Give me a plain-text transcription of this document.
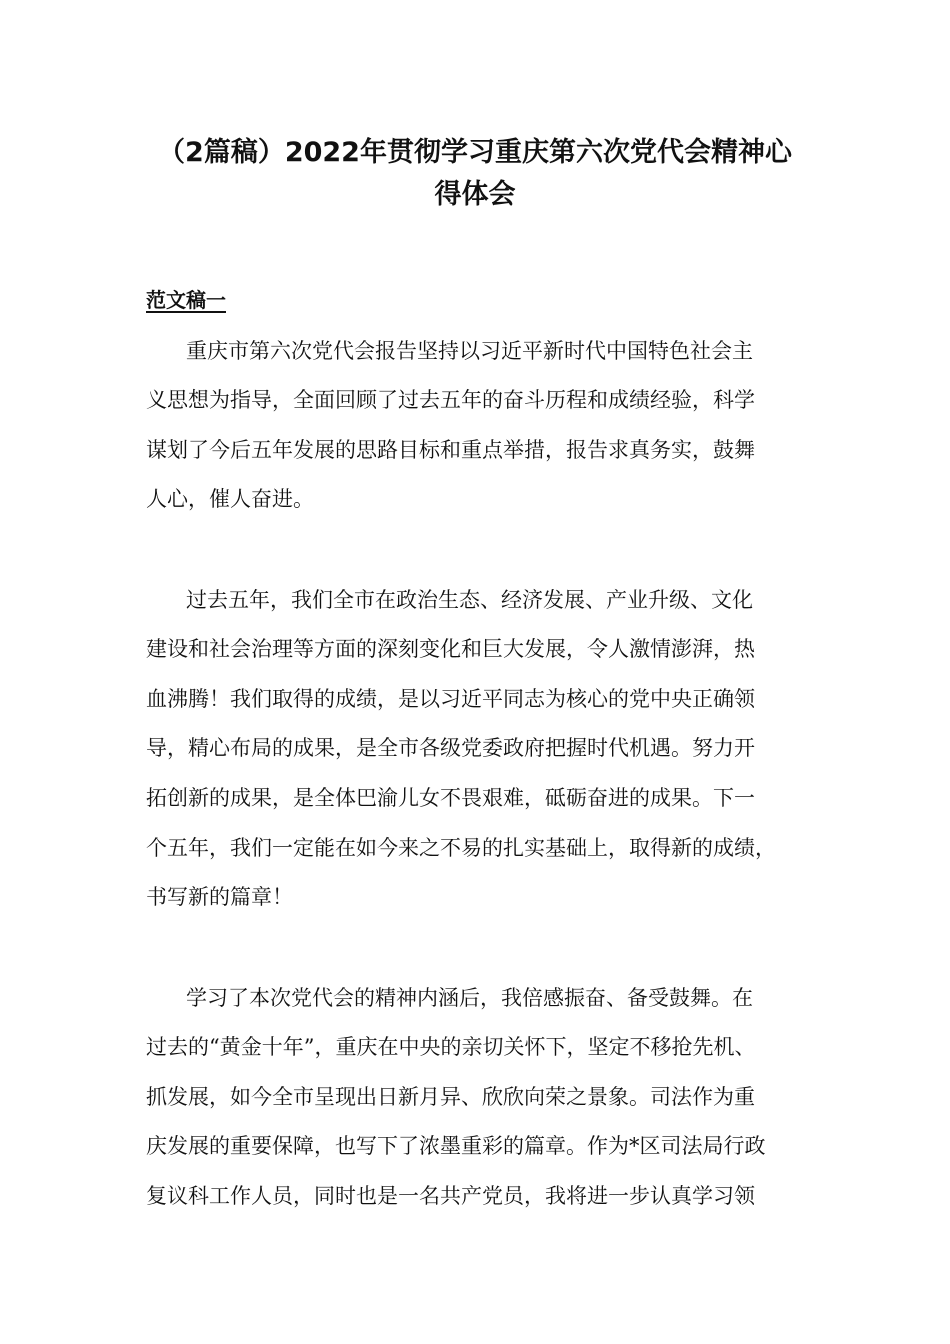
（2篇稿）2022年贯彻学习重庆第六次党代会精神心
得体会
范文稿一
重庆市第六次党代会报告坚持以习近平新时代中国特色社会主
义思想为指导，全面回顾了过去五年的奋斗历程和成绩经验，科学
谋划了今后五年发展的思路目标和重点举措，报告求真务实，鼓舞
人心，催人奋进。
过去五年，我们全市在政治生态、经济发展、产业升级、文化
建设和社会治理等方面的深刻变化和巨大发展，令人激情澎湃，热
血沸腾！我们取得的成绩，是以习近平同志为核心的党中央正确领
导，精心布局的成果，是全市各级党委政府把握时代机遇。努力开
拓创新的成果，是全体巴渝儿女不畏艰难，砥砺奋进的成果。下一
个五年，我们一定能在如今来之不易的扎实基础上，取得新的成绩，
书写新的篇章！
学习了本次党代会的精神内涵后，我倍感振奋、备受鼓舞。在
过去的“黄金十年”，重庆在中央的亲切关怀下，坚定不移抢先机、
抓发展，如今全市呈现出日新月异、欣欣向荣之景象。司法作为重
庆发展的重要保障，也写下了浓墨重彩的篇章。作为*区司法局行政
复议科工作人员，同时也是一名共产党员，我将进一步认真学习领
